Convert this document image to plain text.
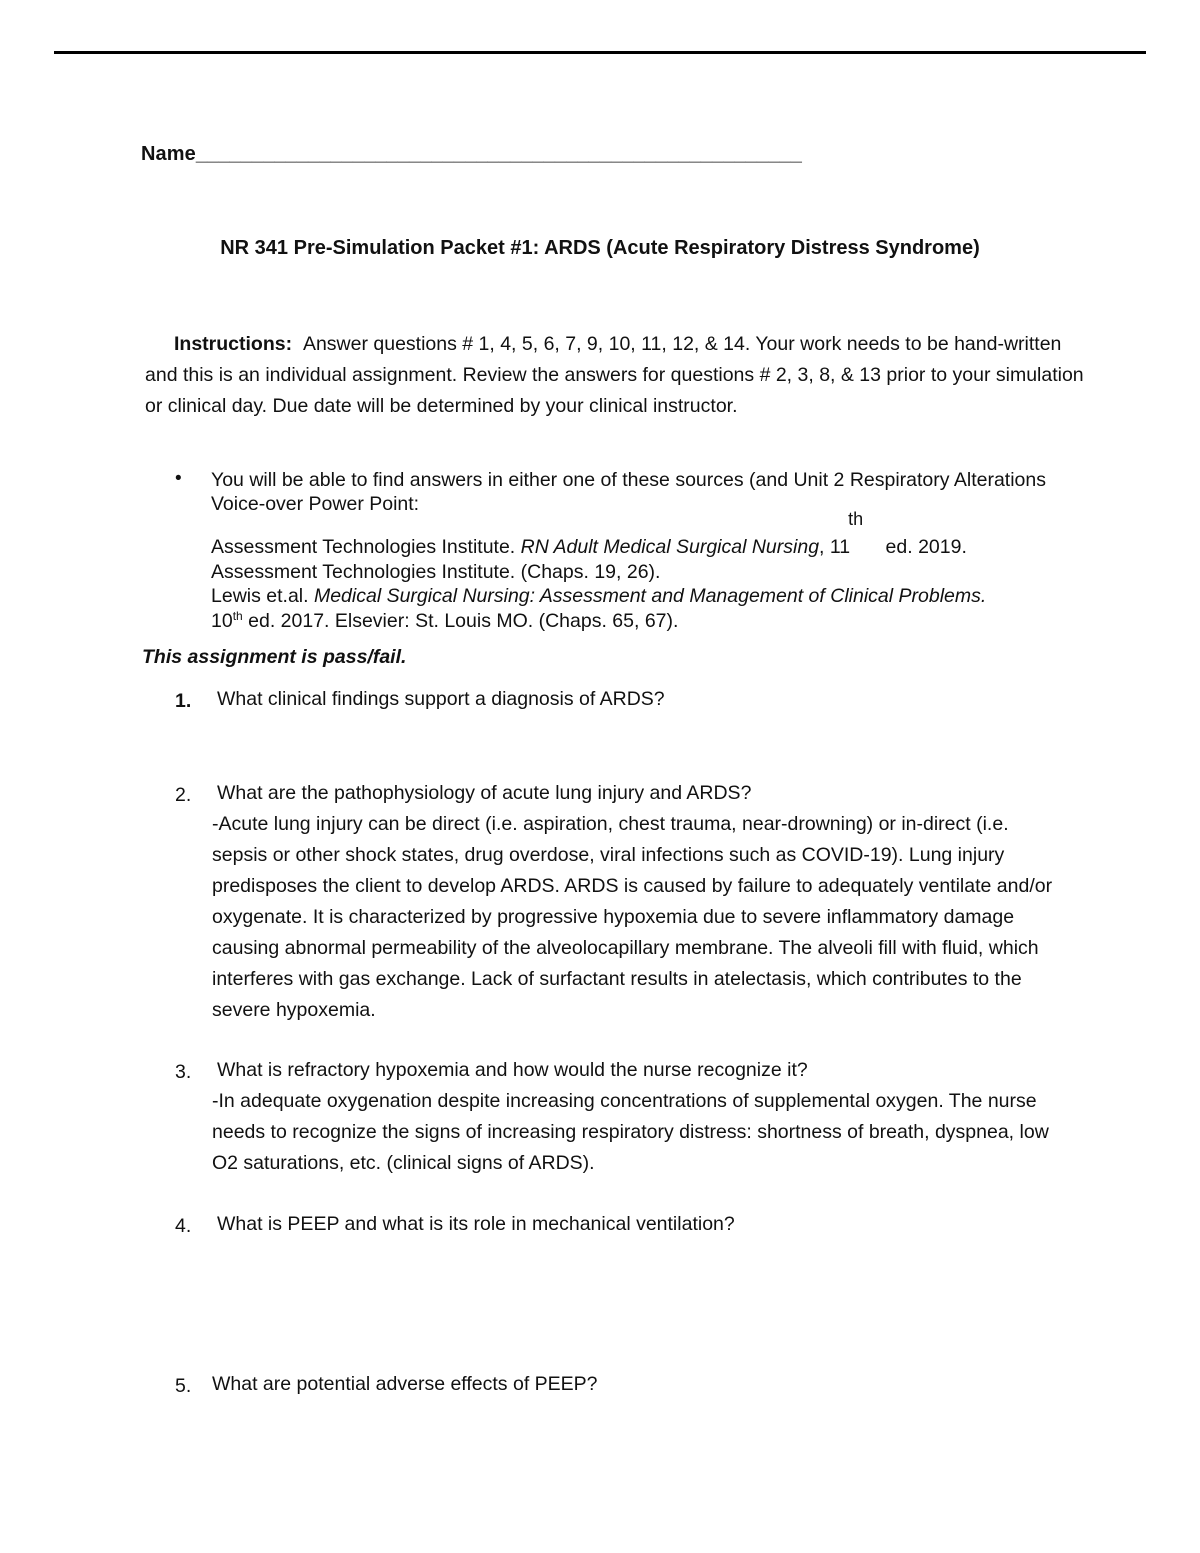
Name______________________________________________________
NR 341 Pre-Simulation Packet #1: ARDS (Acute Respiratory Distress Syndrome)
Instructions: Answer questions # 1, 4, 5, 6, 7, 9, 10, 11, 12, & 14. Your work needs to be hand-written and this is an individual assignment. Review the answers for questions # 2, 3, 8, & 13 prior to your simulation or clinical day. Due date will be determined by your clinical instructor.
• You will be able to find answers in either one of these sources (and Unit 2 Respiratory Alterations Voice-over Power Point:
Assessment Technologies Institute. RN Adult Medical Surgical Nursing, 11th ed. 2019.
Assessment Technologies Institute. (Chaps. 19, 26).
Lewis et.al. Medical Surgical Nursing: Assessment and Management of Clinical Problems.
10th ed. 2017. Elsevier: St. Louis MO. (Chaps. 65, 67).
This assignment is pass/fail.
1. What clinical findings support a diagnosis of ARDS?
2. What are the pathophysiology of acute lung injury and ARDS?
-Acute lung injury can be direct (i.e. aspiration, chest trauma, near-drowning) or in-direct (i.e. sepsis or other shock states, drug overdose, viral infections such as COVID-19). Lung injury predisposes the client to develop ARDS. ARDS is caused by failure to adequately ventilate and/or oxygenate. It is characterized by progressive hypoxemia due to severe inflammatory damage causing abnormal permeability of the alveolocapillary membrane. The alveoli fill with fluid, which interferes with gas exchange. Lack of surfactant results in atelectasis, which contributes to the severe hypoxemia.
3. What is refractory hypoxemia and how would the nurse recognize it?
-In adequate oxygenation despite increasing concentrations of supplemental oxygen. The nurse needs to recognize the signs of increasing respiratory distress: shortness of breath, dyspnea, low O2 saturations, etc. (clinical signs of ARDS).
4. What is PEEP and what is its role in mechanical ventilation?
5. What are potential adverse effects of PEEP?
